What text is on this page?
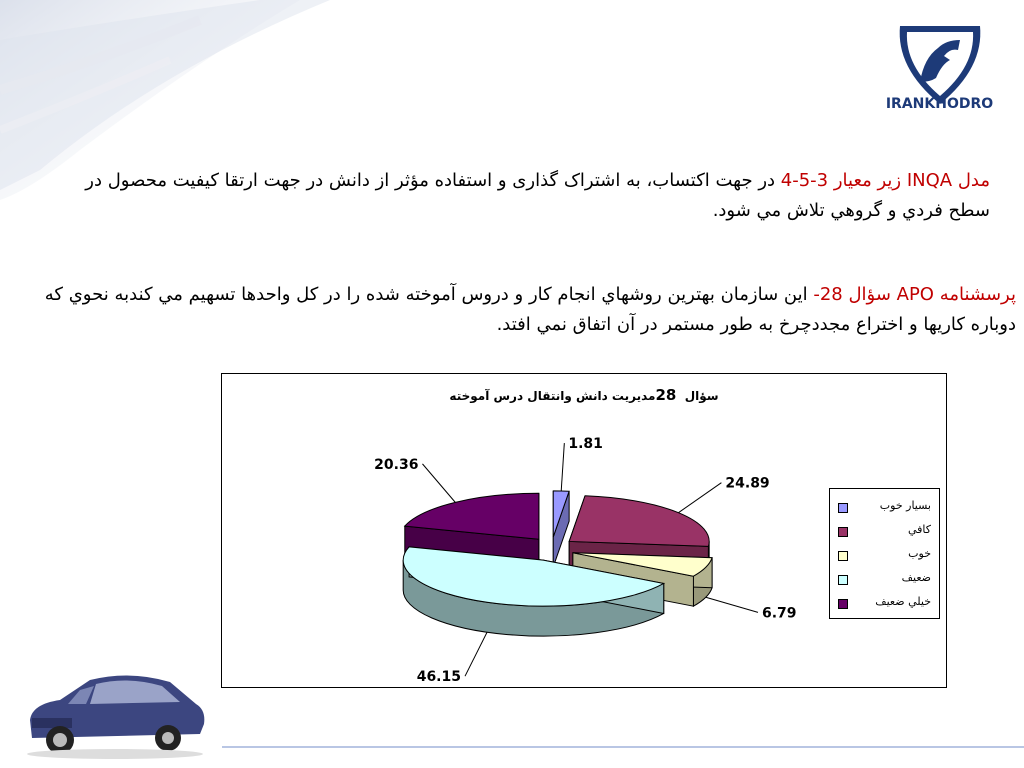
IRANKHODRO
مدل INQA زیر معیار 3-5-4 در جهت اکتساب، به اشتراک گذاری و استفاده مؤثر از دانش در جهت ارتقا کيفيت محصول در سطح فردي و گروهي تلاش مي شود.
پرسشنامه APO سؤال 28- اين سازمان بهترين روشهاي انجام کار و دروس آموخته شده را در کل واحدها تسهيم مي کندبه نحوي که دوباره کاريها و اختراع مجددچرخ به طور مستمر در آن اتفاق نمي افتد.
سؤال  28مديريت دانش وانتقال درس آموخته
1.81
24.89
6.79
46.15
20.36
بسيار خوب
كافي
خوب
ضعيف
خيلي ضعيف
